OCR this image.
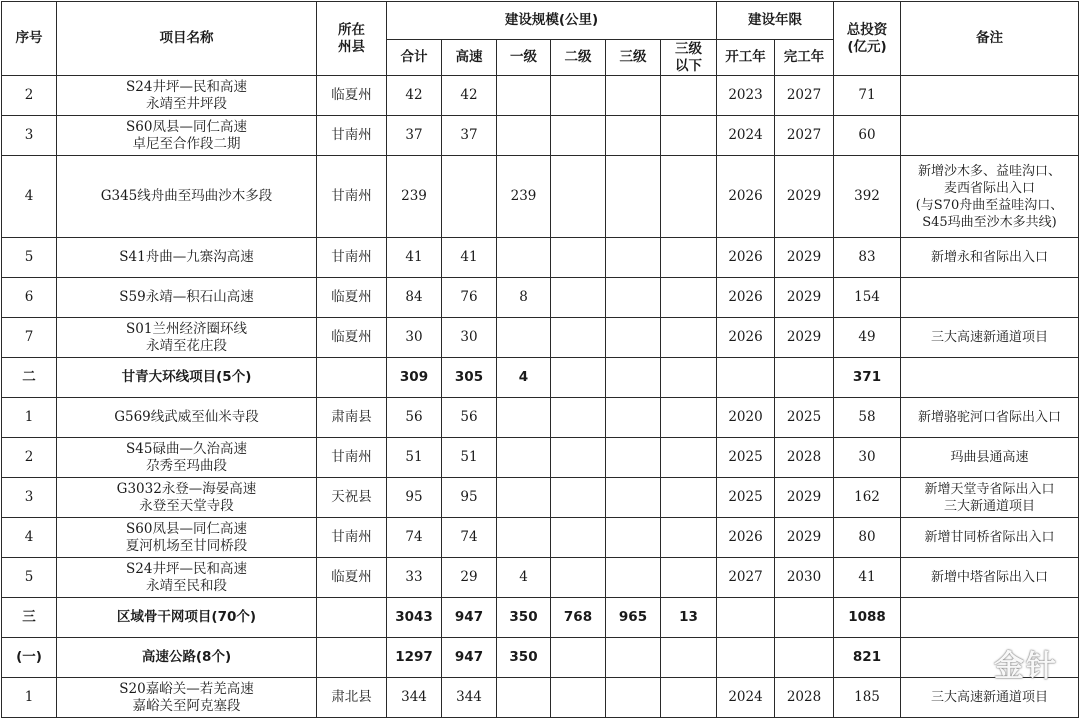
序号	项目名称	所在
州县	建设规模(公里)						建设年限		总投资
(亿元)	备注
			合计	高速	一级	二级	三级	三级
以下	开工年	完工年		
2	S24井坪—民和高速
永靖至井坪段	临夏州	42	42					2023	2027	71	
3	S60凤县—同仁高速
卓尼至合作段二期	甘南州	37	37					2024	2027	60	
4	G345线舟曲至玛曲沙木多段	甘南州	239		239				2026	2029	392	新增沙木多、益哇沟口、
麦西省际出入口
(与S70舟曲至益哇沟口、
S45玛曲至沙木多共线)

5	S41舟曲—九寨沟高速	甘南州	41	41					2026	2029	83	新增永和省际出入口

6	S59永靖—积石山高速	临夏州	84	76	8				2026	2029	154	
7	S01兰州经济圈环线
永靖至花庄段	临夏州	30	30					2026	2029	49	三大高速新通道项目

二	甘青大环线项目(5个)		309	305	4						371	
1	G569线武威至仙米寺段	肃南县	56	56					2020	2025	58	新增骆驼河口省际出入口

2	S45碌曲—久治高速
尕秀至玛曲段	甘南州	51	51					2025	2028	30	玛曲县通高速

3	G3032永登—海晏高速
永登至天堂寺段	天祝县	95	95					2025	2029	162	新增天堂寺省际出入口
三大新通道项目

4	S60凤县—同仁高速
夏河机场至甘同桥段	甘南州	74	74					2026	2029	80	新增甘同桥省际出入口

5	S24井坪—民和高速
永靖至民和段	临夏州	33	29	4				2027	2030	41	新增中塔省际出入口

三	区域骨干网项目(70个)		3043	947	350	768	965	13			1088	
(一)	高速公路(8个)		1297	947	350						821	
1	S20嘉峪关—若羌高速
嘉峪关至阿克塞段	肃北县	344	344					2024	2028	185	三大高速新通道项目
金针
